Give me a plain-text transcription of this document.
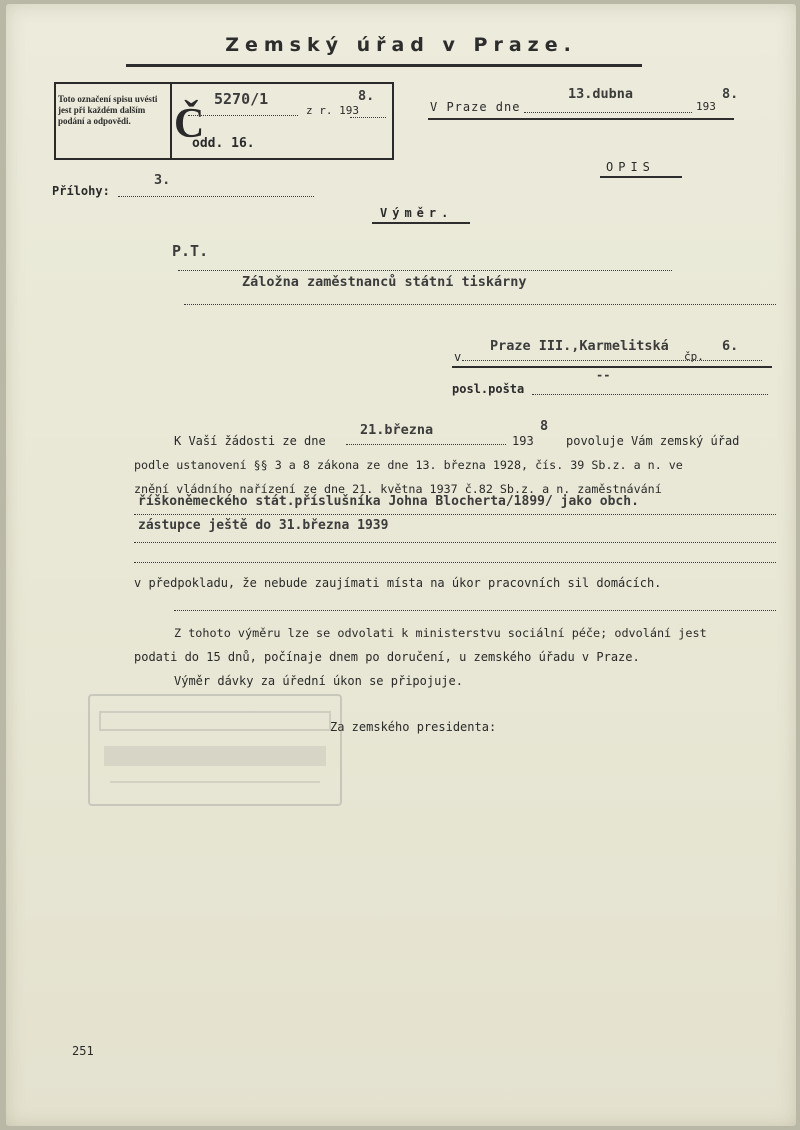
Zemský úřad v Praze.
Toto označení spisu uvésti jest při každém dalším podání a odpovědi.	Č
5270/1
z r. 193
8.
odd. 16.
V Praze dne
13.dubna
193
8.
OPIS
Přílohy:
3.
Výměr.
P.T.
Záložna zaměstnanců státní tiskárny
v
Praze III.,Karmelitská	6.
čp.
posl.pošta
--
K Vaší žádosti ze dne
21.března
193
8
povoluje Vám zemský úřad
podle ustanovení §§ 3 a 8 zákona ze dne 13. března 1928, čís. 39 Sb.z. a n. ve
znění vládního nařízení ze dne 21. května 1937 č.82 Sb.z. a n. zaměstnávání
říškoněmeckého stát.příslušníka Johna Blocherta/1899/ jako obch.
zástupce ještě do 31.března 1939
v předpokladu, že nebude zaujímati místa na úkor pracovních sil domácích.
Z tohoto výměru lze se odvolati k ministerstvu sociální péče; odvolání jest
podati do 15 dnů, počínaje dnem po doručení, u zemského úřadu v Praze.
Výměr dávky za úřední úkon se připojuje.
Za zemského presidenta:
251
